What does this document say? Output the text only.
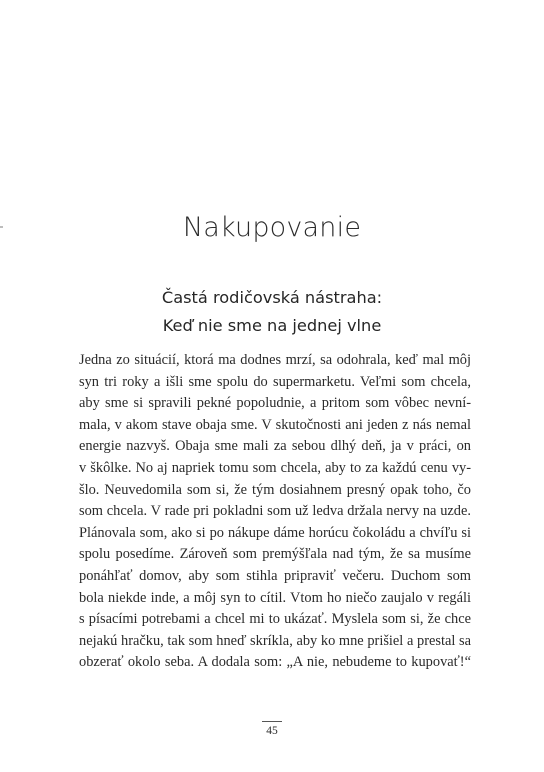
Nakupovanie
Častá rodičovská nástraha:
Keď nie sme na jednej vlne
Jedna zo situácií, ktorá ma dodnes mrzí, sa odohrala, keď mal môj
syn tri roky a išli sme spolu do supermarketu. Veľmi som chcela,
aby sme si spravili pekné popoludnie, a pritom som vôbec nevní-
mala, v akom stave obaja sme. V skutočnosti ani jeden z nás nemal
energie nazvyš. Obaja sme mali za sebou dlhý deň, ja v práci, on
v škôlke. No aj napriek tomu som chcela, aby to za každú cenu vy-
šlo. Neuvedomila som si, že tým dosiahnem presný opak toho, čo
som chcela. V rade pri pokladni som už ledva držala nervy na uzde.
Plánovala som, ako si po nákupe dáme horúcu čokoládu a chvíľu si
spolu posedíme. Zároveň som premýšľala nad tým, že sa musíme
ponáhľať domov, aby som stihla pripraviť večeru. Duchom som
bola niekde inde, a môj syn to cítil. Vtom ho niečo zaujalo v regáli
s písacími potrebami a chcel mi to ukázať. Myslela som si, že chce
nejakú hračku, tak som hneď skríkla, aby ko mne prišiel a prestal sa
obzerať okolo seba. A dodala som: „A nie, nebudeme to kupovať!“
45
